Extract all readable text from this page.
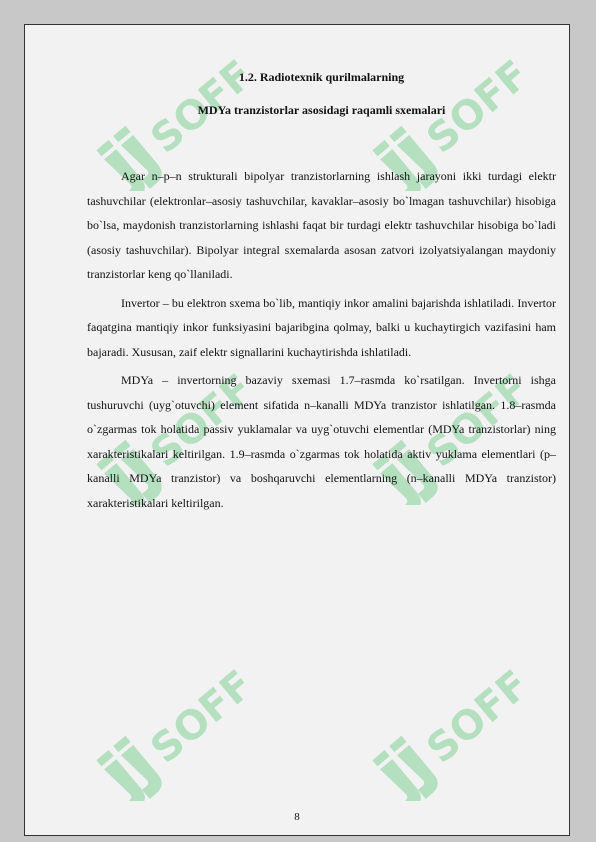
SOFF	SOFF
SOFF	SOFF
SOFF	SOFF
1.2. Radiotexnik qurilmalarning
MDYa tranzistorlar asosidagi raqamli sxemalari

Agar n–p–n strukturali bipolyar tranzistorlarning ishlash jarayoni ikki turdagi elektr tashuvchilar (elektronlar–asosiy tashuvchilar, kavaklar–asosiy bo`lmagan tashuvchilar) hisobiga bo`lsa, maydonish tranzistorlarning ishlashi faqat bir turdagi elektr tashuvchilar hisobiga bo`ladi (asosiy tashuvchilar). Bipolyar integral sxemalarda asosan zatvori izolyatsiyalangan maydoniy tranzistorlar keng qo`llaniladi.

Invertor – bu elektron sxema bo`lib, mantiqiy inkor amalini bajarishda ishlatiladi. Invertor faqatgina mantiqiy inkor funksiyasini bajaribgina qolmay, balki u kuchaytirgich vazifasini ham bajaradi. Xususan, zaif elektr signallarini kuchaytirishda ishlatiladi.

MDYa – invertorning bazaviy sxemasi 1.7–rasmda ko`rsatilgan. Invertorni ishga tushuruvchi (uyg`otuvchi) element sifatida n–kanalli MDYa tranzistor ishlatilgan. 1.8–rasmda o`zgarmas tok holatida passiv yuklamalar va uyg`otuvchi elementlar (MDYa tranzistorlar) ning xarakteristikalari keltirilgan. 1.9–rasmda o`zgarmas tok holatida aktiv yuklama elementlari (p–kanalli MDYa tranzistor) va boshqaruvchi elementlarning (n–kanalli MDYa tranzistor) xarakteristikalari keltirilgan.

8
